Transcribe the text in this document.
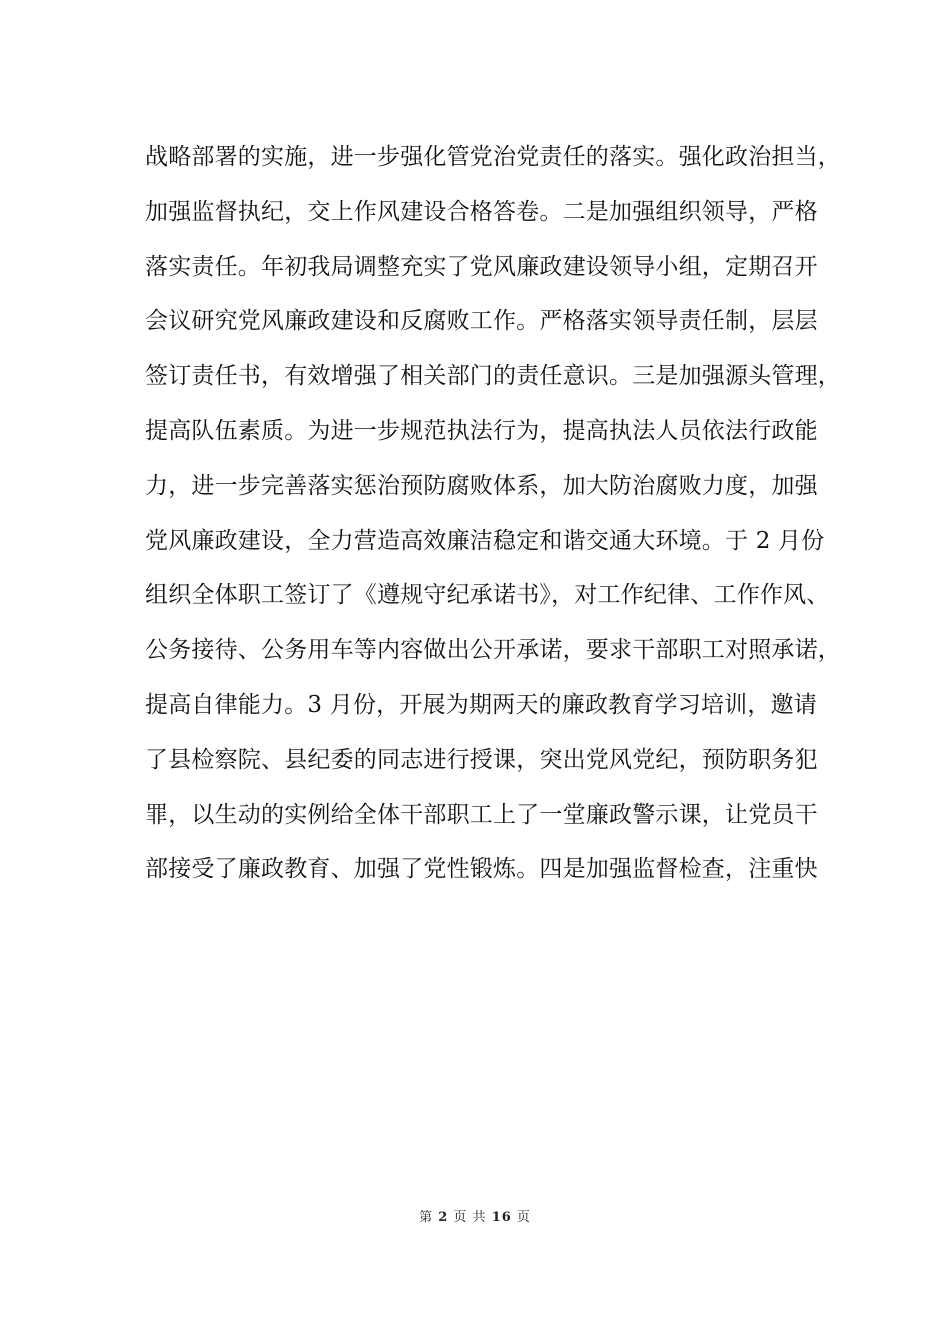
战略部署的实施，进一步强化管党治党责任的落实。强化政治担当，
加强监督执纪，交上作风建设合格答卷。二是加强组织领导，严格
落实责任。年初我局调整充实了党风廉政建设领导小组，定期召开
会议研究党风廉政建设和反腐败工作。严格落实领导责任制，层层
签订责任书，有效增强了相关部门的责任意识。三是加强源头管理，
提高队伍素质。为进一步规范执法行为，提高执法人员依法行政能
力，进一步完善落实惩治预防腐败体系，加大防治腐败力度，加强
党风廉政建设，全力营造高效廉洁稳定和谐交通大环境。于 2 月份
组织全体职工签订了《遵规守纪承诺书》，对工作纪律、工作作风、
公务接待、公务用车等内容做出公开承诺，要求干部职工对照承诺，
提高自律能力。3 月份，开展为期两天的廉政教育学习培训，邀请
了县检察院、县纪委的同志进行授课，突出党风党纪，预防职务犯
罪，以生动的实例给全体干部职工上了一堂廉政警示课，让党员干
部接受了廉政教育、加强了党性锻炼。四是加强监督检查，注重快
第 2 页 共 16 页
